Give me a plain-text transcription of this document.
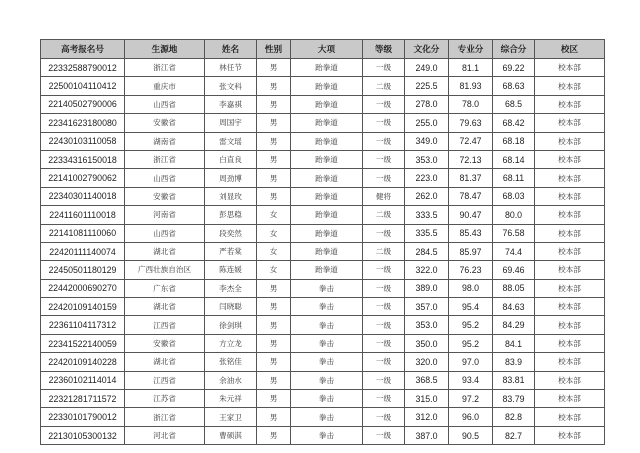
高考报名号	生源地	姓名	性别	大项	等级	文化分	专业分	综合分	校区
22332588790012	浙江省	林任节	男	跆拳道	一级	249.0	81.1	69.22	校本部
22500104110412	重庆市	张文科	男	跆拳道	二级	225.5	81.93	68.63	校本部
22140502790006	山西省	李嘉祺	男	跆拳道	一级	278.0	78.0	68.5	校本部
22341623180080	安徽省	周国宇	男	跆拳道	一级	255.0	79.63	68.42	校本部
22430103110058	湖南省	雷文瑶	男	跆拳道	一级	349.0	72.47	68.18	校本部
22334316150018	浙江省	白直良	男	跆拳道	一级	353.0	72.13	68.14	校本部
22141002790062	山西省	周劲博	男	跆拳道	一级	223.0	81.37	68.11	校本部
22340301140018	安徽省	刘显玫	男	跆拳道	健将	262.0	78.47	68.03	校本部
22411601110018	河南省	彭思稳	女	跆拳道	二级	333.5	90.47	80.0	校本部
22141081110060	山西省	段奕然	女	跆拳道	一级	335.5	85.43	76.58	校本部
22420111140074	湖北省	严若棠	女	跆拳道	二级	284.5	85.97	74.4	校本部
22450501180129	广西壮族自治区	陈连媛	女	跆拳道	一级	322.0	76.23	69.46	校本部
22442000690270	广东省	李杰全	男	拳击	一级	389.0	98.0	88.05	校本部
22420109140159	湖北省	闫晓聪	男	拳击	一级	357.0	95.4	84.63	校本部
22361104117312	江西省	徐剑琪	男	拳击	一级	353.0	95.2	84.29	校本部
22341522140059	安徽省	方立龙	男	拳击	一级	350.0	95.2	84.1	校本部
22420109140228	湖北省	张铭佳	男	拳击	一级	320.0	97.0	83.9	校本部
22360102114014	江西省	余油水	男	拳击	一级	368.5	93.4	83.81	校本部
22321281711572	江苏省	朱元祥	男	拳击	一级	315.0	97.2	83.79	校本部
22330101790012	浙江省	王家卫	男	拳击	一级	312.0	96.0	82.8	校本部
22130105300132	河北省	曹硕淇	男	拳击	一级	387.0	90.5	82.7	校本部
